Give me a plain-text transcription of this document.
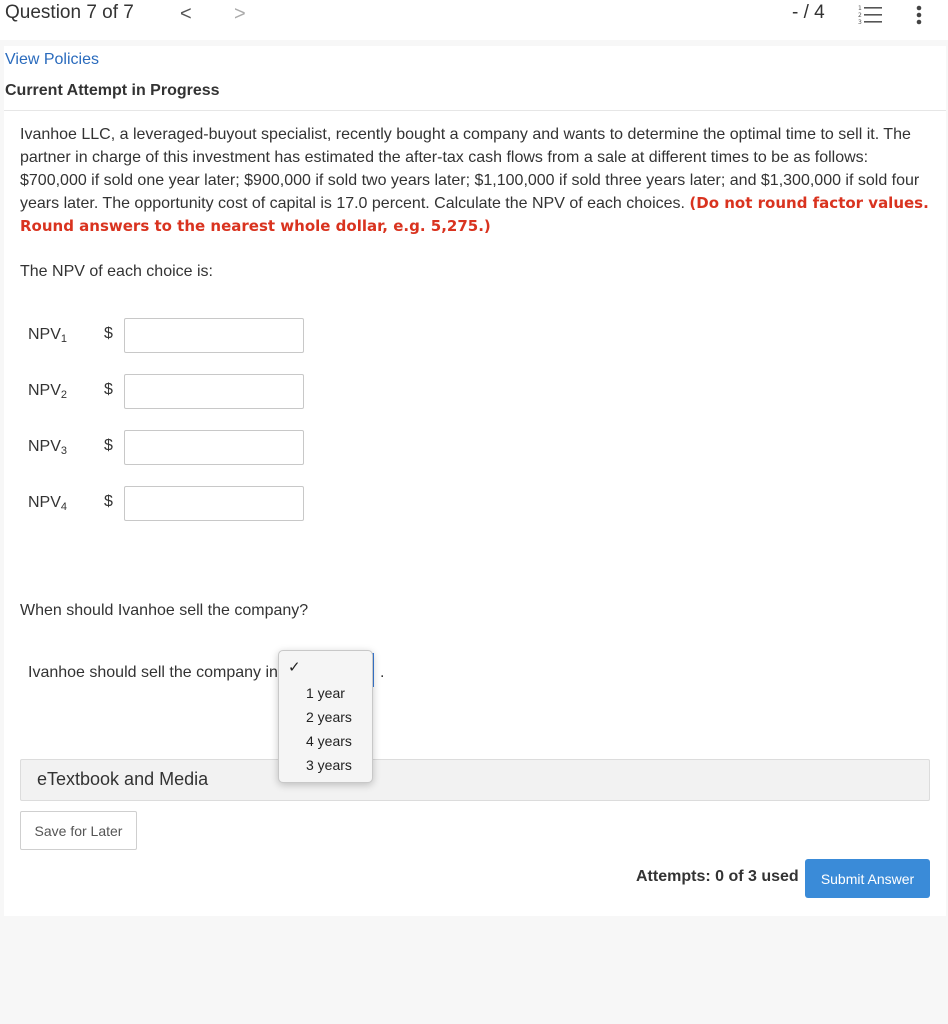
Question 7 of 7 < >	- / 4	1
2
3
View Policies
Current Attempt in Progress
Ivanhoe LLC, a leveraged-buyout specialist, recently bought a company and wants to determine the optimal time to sell it. The partner in charge of this investment has estimated the after-tax cash flows from a sale at different times to be as follows: $700,000 if sold one year later; $900,000 if sold two years later; $1,100,000 if sold three years later; and $1,300,000 if sold four years later. The opportunity cost of capital is 17.0 percent. Calculate the NPV of each choices. (Do not round factor values. Round answers to the nearest whole dollar, e.g. 5,275.)
The NPV of each choice is:
$NPV_1$ $
$NPV_2$ $
$NPV_3$ $
$NPV_4$ $
When should Ivanhoe sell the company?
Ivanhoe should sell the company in	.
eTextbook and Media
Save for Later
Attempts: 0 of 3 used	Submit Answer
✓
1 year
2 years
4 years
3 years
